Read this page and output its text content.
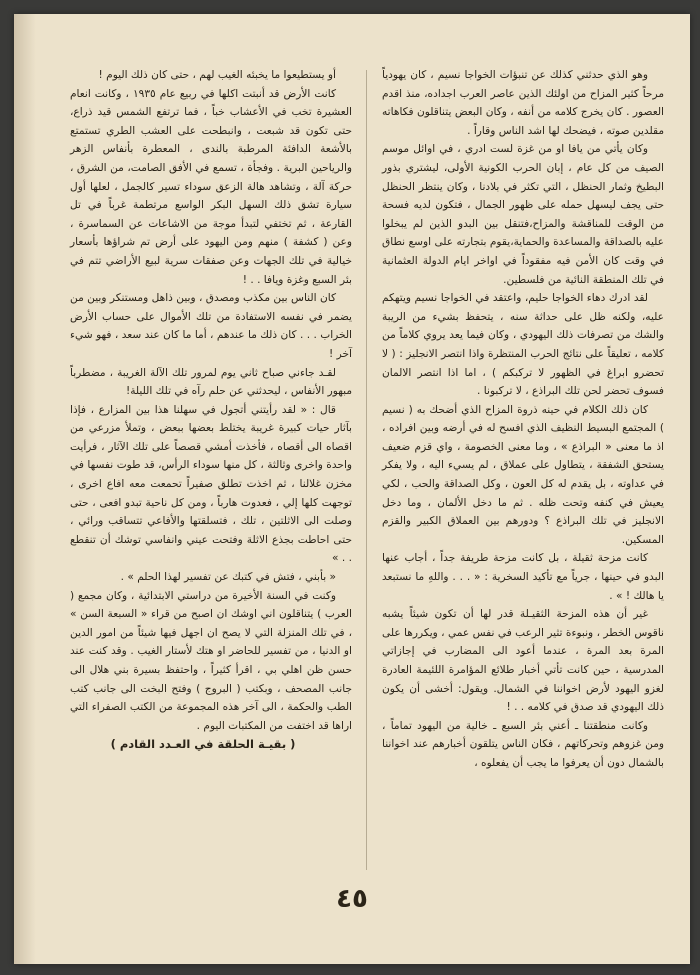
وهو الذي حدثني كذلك عن تنبؤات الخواجا نسيم ، كان يهودياً مرحاً كثير المزاح من اولئك الذين عاصر العرب اجداده، منذ اقدم العصور . كان يخرج كلامه من أنفه ، وكان البعض يتناقلون فكاهاته مقلدين صوته ، فيضحك لها اشد الناس وقاراً .

وكان يأتي من يافا او من غزة لست ادري ، في اوائل موسم الصيف من كل عام ، إبان الحرب الكونية الأولى، ليشتري بذور البطيخ وثمار الحنظل ، التي تكثر في بلادنا ، وكان ينتظر الحنظل حتى يجف ليسهل حمله على ظهور الجمال ، فتكون لديه فسحة من الوقت للمناقشة والمزاح،فتنقل بين البدو الذين لم يبخلوا عليه بالصداقة والمساعدة والحماية،يقوم بتجارته على اوسع نطاق في وقت كان الأمن فيه مفقوداً في اواخر ايام الدولة العثمانية في تلك المنطقة النائية من فلسطين.

لقد ادرك دهاء الخواجا حليم، واعتقد في الخواجا نسيم ويتهكم عليه، ولكنه ظل على حداثة سنه ، يتحفظ بشيء من الريبة والشك من تصرفات ذلك اليهودي ، وكان فيما يعد يروي كلاماً من كلامه ، تعليقاً على نتائج الحرب المنتظرة واذا انتصر الانجليز : ( لا تحضرو ابراغ في الظهور لا تركبكم ) ، اما اذا انتصر الالمان فسوف تحضر لحن تلك البراذع ، لا تركبونا .

كان ذلك الكلام في حينه ذروة المزاح الذي أضحك به ( نسيم ) المجتمع البسيط النظيف الذي افسح له في أرضه وبين افراده ، اذ ما معنى « البراذع » ، وما معنى الخصومة ، واي قزم ضعيف يستحق الشفقة ، يتطاول على عملاق ، لم يسيء اليه ، ولا يفكر في عداوته ، بل يقدم له كل العون ، وكل الصداقة والحب ، لكي يعيش في كنفه وتحت ظله . ثم ما دخل الألمان ، وما دخل الانجليز في تلك البراذع ؟ ودورهم بين العملاق الكبير والقزم المسكين.

كانت مزحة ثقيلة ، بل كانت مزحة طريفة جداً ، أجاب عنها البدو في حينها ، جرياً مع تأكيد السخرية : « . . . واللهِ ما نستبعد يا هالك ! » .

غير أن هذه المزحة الثقيـلة قدر لها أن تكون شيئاً يشبه ناقوس الخطر ، ونبوءة تثير الرعب في نفس عمي ، ويكررها على المرة بعد المرة ، عندما أعود الى المضارب في إجازاتي المدرسية ، حين كانت تأتي أخبار طلائع المؤامرة اللئيمة العادرة لغزو اليهود لأرض اخواننا في الشمال. ويقول: أخشى أن يكون ذلك اليهودي قد صدق في كلامه . . !

وكانت منطقتنا ـ أعني بئر السبع ـ خالية من اليهود تماماً ، ومن غزوهم وتحركاتهم ، فكان الناس يتلقون أخبارهم عند اخواننا بالشمال دون أن يعرفوا ما يجب أن يفعلوه ،

أو يستطيعوا ما يخبئه الغيب لهم ، حتى كان ذلك اليوم !

كانت الأرض قد أنبتت اكلها في ربيع عام ١٩٣٥ ، وكانت انعام العشيرة تخب في الأعشاب خباً ، فما ترتفع الشمس قيد ذراع، حتى تكون قد شبعت ، وانبطحت على العشب الطري تستمتع بالأشعة الدافئة المرطبة بالندى ، المعطرة بأنفاس الزهر والرياحين البرية . وفجأة ، تسمع في الأفق الصامت، من الشرق ، حركة آلة ، وتشاهد هالة الزعق سوداء تسير كالجمل ، لعلها أول سيارة تشق ذلك السهل البكر الواسع مرتطمة غرباً في تل القارعة ، ثم تختفي لتبدأ موجة من الاشاعات عن السماسرة ، وعن ( كشفة ) منهم ومن اليهود على أرض تم شراؤها بأسعار خيالية في تلك الجهات وعن صفقات سرية لبيع الأراضي تتم في بئر السبع وغزة ويافا . . !

كان الناس بين مكذب ومصدق ، وبين ذاهل ومستنكر وبين من يضمر في نفسه الاستفادة من تلك الأموال على حساب الأرض الخراب . . . كان ذلك ما عندهم ، أما ما كان عند سعد ، فهو شيء آخر !

لقـد جاءني صباح ثاني يوم لمرور تلك الآلة الغريبة ، مضطرباً مبهور الأنفاس ، ليحدثني عن حلم رآه في تلك الليلة!

قال : « لقد رأيتني أتجول في سهلنا هذا بين المزارع ، فإذا بآثار حيات كبيرة غريبة يختلط بعضها ببعض ، وتملأ مزرعي من اقصاه الى أقصاه ، فأخذت أمشي قصصاً على تلك الآثار ، فرأيت واحدة واخرى وثالثة ، كل منها سوداء الرأس، قد طوت نفسها في مخزن غلالنا ، ثم اخذت تطلق صفيراً تحمعت معه افاع اخرى ، توجهت كلها إلي ، فعدوت هارباً ، ومن كل ناحية تبدو افعى ، حتى وصلت الى الاثلتين ، تلك ، فتسلقتها والأفاعي تتساقب ورائي ، حتى احاطت بجذع الاثلة وفتحت عيني وانفاسي توشك أن تنقطع . . »

« بأبني ، فتش في كتبك عن تفسير لهذا الحلم » .

وكنت في السنة الأخيرة من دراستي الابتدائية ، وكان مجمع ( العرب ) يتناقلون اني اوشك ان اصبح من قراء « السبعة السن » ، في تلك المنزلة التي لا يصح ان اجهل فيها شيئاً من امور الدين او الدنيا ، من تفسير للحاضر او هتك لأستار الغيب . وقد كنت عند حسن ظن اهلي بي ، اقرأ كثيراً ، واحتفظ بسيرة بني هلال الى جانب المصحف ، وبكتب ( البروج ) وفتح البخت الى جانب كتب الطب والحكمة ، الى آخر هذه المجموعة من الكتب الصفراء التي اراها قد اختفت من المكتبات اليوم .

( بقيـة الحلقة في العـدد القادم )

٤٥
